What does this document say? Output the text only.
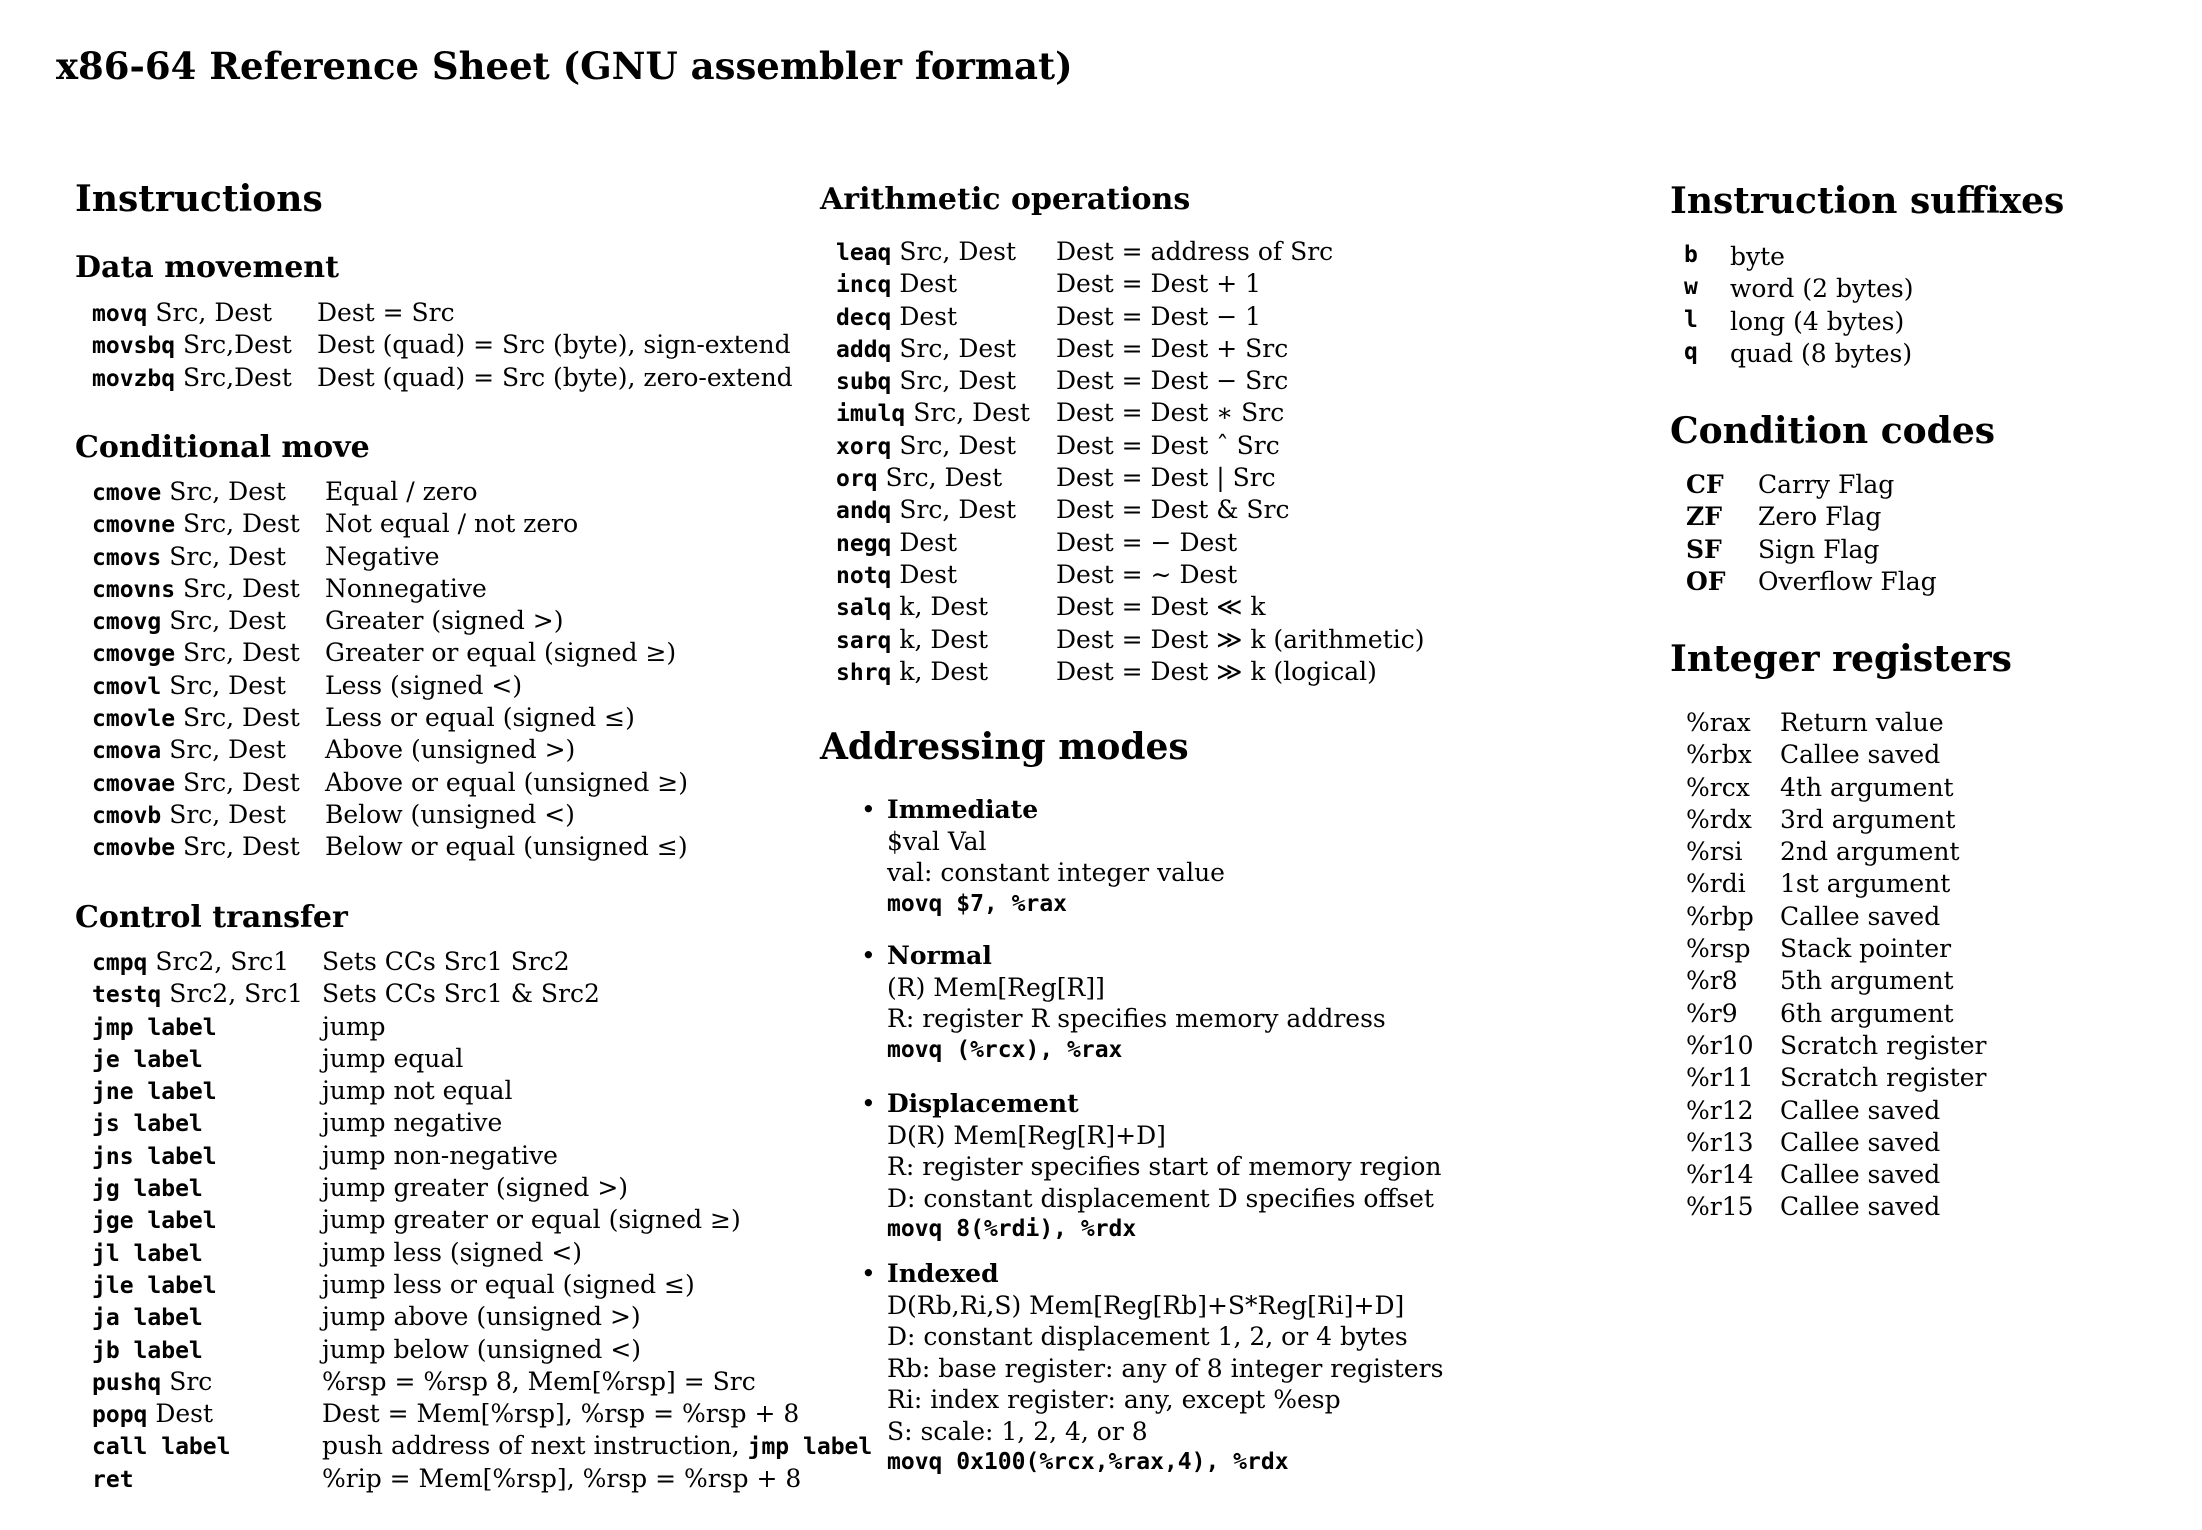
x86-64 Reference Sheet (GNU assembler format)
Instructions
Data movement
movq Src, Dest Dest = Src
movsbq Src,Dest Dest (quad) = Src (byte), sign-extend
movzbq Src,Dest Dest (quad) = Src (byte), zero-extend
Conditional move
cmove Src, Dest Equal / zero
cmovne Src, Dest Not equal / not zero
cmovs Src, Dest Negative
cmovns Src, Dest Nonnegative
cmovg Src, Dest Greater (signed >)
cmovge Src, Dest Greater or equal (signed ≥)
cmovl Src, Dest Less (signed <)
cmovle Src, Dest Less or equal (signed ≤)
cmova Src, Dest Above (unsigned >)
cmovae Src, Dest Above or equal (unsigned ≥)
cmovb Src, Dest Below (unsigned <)
cmovbe Src, Dest Below or equal (unsigned ≤)
Control transfer
cmpq Src2, Src1 Sets CCs Src1 Src2
testq Src2, Src1 Sets CCs Src1 & Src2
jmp label	jump
je label	jump equal
jne label	jump not equal
js label	jump negative
jns label	jump non-negative
jg label	jump greater (signed >)
jge label	jump greater or equal (signed ≥)
jl label	jump less (signed <)
jle label	jump less or equal (signed ≤)
ja label	jump above (unsigned >)
jb label	jump below (unsigned <)
pushq Src	%rsp = %rsp 8, Mem[%rsp] = Src
popq Dest	Dest = Mem[%rsp], %rsp = %rsp + 8
call label	push address of next instruction, jmp label
ret	%rip = Mem[%rsp], %rsp = %rsp + 8
Arithmetic operations
leaq Src, Dest Dest = address of Src
incq Dest	Dest = Dest + 1
decq Dest	Dest = Dest − 1
addq Src, Dest Dest = Dest + Src
subq Src, Dest Dest = Dest − Src
imulq Src, Dest Dest = Dest ∗ Src
xorq Src, Dest Dest = Dest ˆ Src
orq Src, Dest Dest = Dest | Src
andq Src, Dest Dest = Dest & Src
negq Dest	Dest = − Dest
notq Dest	Dest = ∼ Dest
salq k, Dest	Dest = Dest ≪ k
sarq k, Dest	Dest = Dest ≫ k (arithmetic)
shrq k, Dest	Dest = Dest ≫ k (logical)
Addressing modes
• Immediate
$val Val
val: constant integer value
movq $7, %rax
• Normal
(R) Mem[Reg[R]]
R: register R specifies memory address
movq (%rcx), %rax
• Displacement
D(R) Mem[Reg[R]+D]
R: register specifies start of memory region
D: constant displacement D specifies offset
movq 8(%rdi), %rdx
• Indexed
D(Rb,Ri,S) Mem[Reg[Rb]+S*Reg[Ri]+D]
D: constant displacement 1, 2, or 4 bytes
Rb: base register: any of 8 integer registers
Ri: index register: any, except %esp
S: scale: 1, 2, 4, or 8
movq 0x100(%rcx,%rax,4), %rdx
Instruction suffixes
b byte
w word (2 bytes)
l long (4 bytes)
q quad (8 bytes)
Condition codes
CF Carry Flag
ZF Zero Flag
SF Sign Flag
OF Overflow Flag
Integer registers
%rax Return value
%rbx Callee saved
%rcx 4th argument
%rdx 3rd argument
%rsi 2nd argument
%rdi 1st argument
%rbp Callee saved
%rsp Stack pointer
%r8 5th argument
%r9 6th argument
%r10 Scratch register
%r11 Scratch register
%r12 Callee saved
%r13 Callee saved
%r14 Callee saved
%r15 Callee saved
